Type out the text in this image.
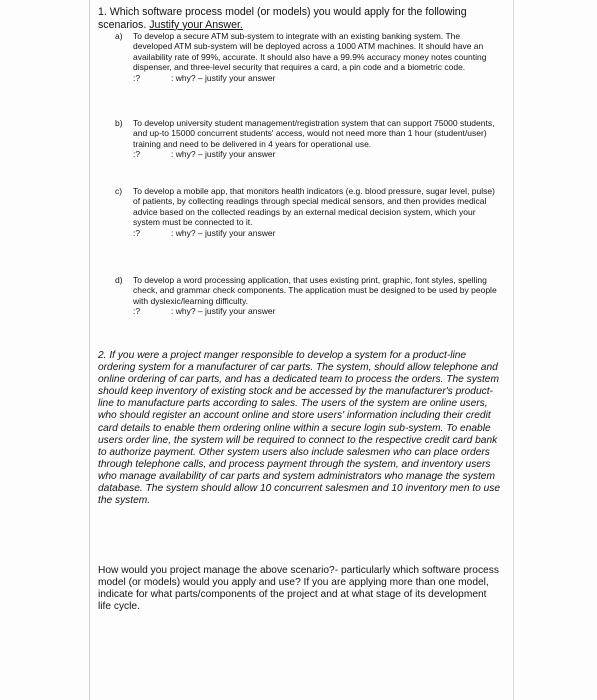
1. Which software process model (or models) you would apply for the following scenarios. Justify your Answer.
a) To develop a secure ATM sub-system to integrate with an existing banking system. The developed ATM sub-system will be deployed across a 1000 ATM machines. It should have an availability rate of 99%, accurate. It should also have a 99.9% accuracy money notes counting dispenser, and three-level security that requires a card, a pin code and a biometric code.
:?	: why? – justify your answer
b) To develop university student management/registration system that can support 75000 students, and up-to 15000 concurrent students' access, would not need more than 1 hour (student/user) training and need to be delivered in 4 years for operational use.
:?	: why? – justify your answer
c) To develop a mobile app, that monitors health indicators (e.g. blood pressure, sugar level, pulse) of patients, by collecting readings through special medical sensors, and then provides medical advice based on the collected readings by an external medical decision system, which your system must be connected to it.
:?	: why? – justify your answer
d) To develop a word processing application, that uses existing print, graphic, font styles, spelling check, and grammar check components. The application must be designed to be used by people with dyslexic/learning difficulty.
:?	: why? – justify your answer
2. If you were a project manger responsible to develop a system for a product-line ordering system for a manufacturer of car parts. The system, should allow telephone and online ordering of car parts, and has a dedicated team to process the orders. The system should keep inventory of existing stock and be accessed by the manufacturer's product-line to manufacture parts according to sales. The users of the system are online users, who should register an account online and store users' information including their credit card details to enable them ordering online within a secure login sub-system. To enable users order line, the system will be required to connect to the respective credit card bank to authorize payment. Other system users also include salesmen who can place orders through telephone calls, and process payment through the system, and inventory users who manage availability of car parts and system administrators who manage the system database. The system should allow 10 concurrent salesmen and 10 inventory men to use the system.
How would you project manage the above scenario?- particularly which software process model (or models) would you apply and use? If you are applying more than one model, indicate for what parts/components of the project and at what stage of its development life cycle.
